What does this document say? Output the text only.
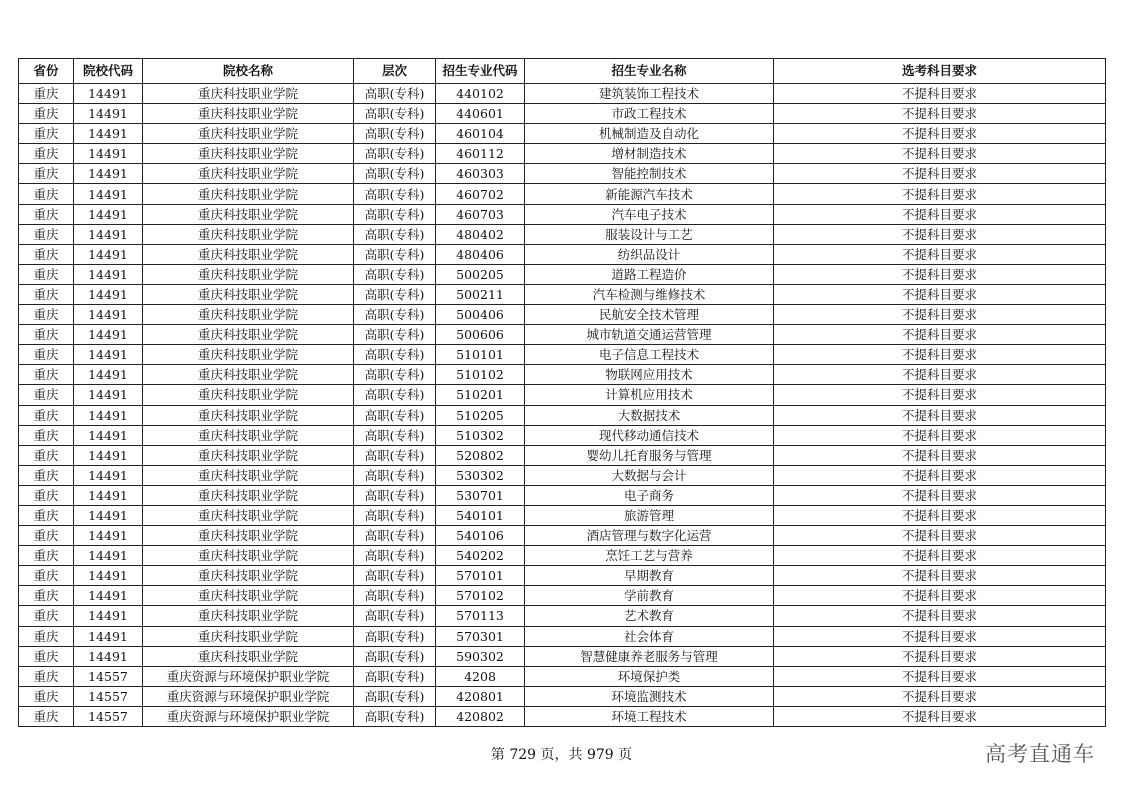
省份	院校代码	院校名称	层次	招生专业代码	招生专业名称	选考科目要求
重庆	14491	重庆科技职业学院	高职(专科)	440102	建筑装饰工程技术	不提科目要求
重庆	14491	重庆科技职业学院	高职(专科)	440601	市政工程技术	不提科目要求
重庆	14491	重庆科技职业学院	高职(专科)	460104	机械制造及自动化	不提科目要求
重庆	14491	重庆科技职业学院	高职(专科)	460112	增材制造技术	不提科目要求
重庆	14491	重庆科技职业学院	高职(专科)	460303	智能控制技术	不提科目要求
重庆	14491	重庆科技职业学院	高职(专科)	460702	新能源汽车技术	不提科目要求
重庆	14491	重庆科技职业学院	高职(专科)	460703	汽车电子技术	不提科目要求
重庆	14491	重庆科技职业学院	高职(专科)	480402	服装设计与工艺	不提科目要求
重庆	14491	重庆科技职业学院	高职(专科)	480406	纺织品设计	不提科目要求
重庆	14491	重庆科技职业学院	高职(专科)	500205	道路工程造价	不提科目要求
重庆	14491	重庆科技职业学院	高职(专科)	500211	汽车检测与维修技术	不提科目要求
重庆	14491	重庆科技职业学院	高职(专科)	500406	民航安全技术管理	不提科目要求
重庆	14491	重庆科技职业学院	高职(专科)	500606	城市轨道交通运营管理	不提科目要求
重庆	14491	重庆科技职业学院	高职(专科)	510101	电子信息工程技术	不提科目要求
重庆	14491	重庆科技职业学院	高职(专科)	510102	物联网应用技术	不提科目要求
重庆	14491	重庆科技职业学院	高职(专科)	510201	计算机应用技术	不提科目要求
重庆	14491	重庆科技职业学院	高职(专科)	510205	大数据技术	不提科目要求
重庆	14491	重庆科技职业学院	高职(专科)	510302	现代移动通信技术	不提科目要求
重庆	14491	重庆科技职业学院	高职(专科)	520802	婴幼儿托育服务与管理	不提科目要求
重庆	14491	重庆科技职业学院	高职(专科)	530302	大数据与会计	不提科目要求
重庆	14491	重庆科技职业学院	高职(专科)	530701	电子商务	不提科目要求
重庆	14491	重庆科技职业学院	高职(专科)	540101	旅游管理	不提科目要求
重庆	14491	重庆科技职业学院	高职(专科)	540106	酒店管理与数字化运营	不提科目要求
重庆	14491	重庆科技职业学院	高职(专科)	540202	烹饪工艺与营养	不提科目要求
重庆	14491	重庆科技职业学院	高职(专科)	570101	早期教育	不提科目要求
重庆	14491	重庆科技职业学院	高职(专科)	570102	学前教育	不提科目要求
重庆	14491	重庆科技职业学院	高职(专科)	570113	艺术教育	不提科目要求
重庆	14491	重庆科技职业学院	高职(专科)	570301	社会体育	不提科目要求
重庆	14491	重庆科技职业学院	高职(专科)	590302	智慧健康养老服务与管理	不提科目要求
重庆	14557	重庆资源与环境保护职业学院	高职(专科)	4208	环境保护类	不提科目要求
重庆	14557	重庆资源与环境保护职业学院	高职(专科)	420801	环境监测技术	不提科目要求
重庆	14557	重庆资源与环境保护职业学院	高职(专科)	420802	环境工程技术	不提科目要求
第 729 页，共 979 页	高考直通车
